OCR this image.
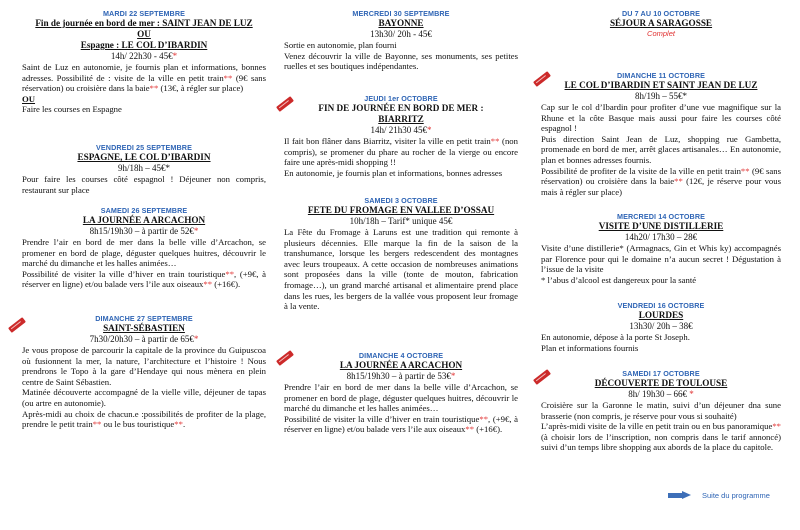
MARDI 22 SEPTEMBRE
Fin de journée en bord de mer : SAINT JEAN DE LUZ
OU
Espagne : LE COL D’IBARDIN
14h/ 22h30 - 45€*

Saint de Luz en autonomie, je fournis plan et informations, bonnes adresses. Possibilité de : visite de la ville en petit train** (9€ sans réservation) ou croisière dans la baie** (13€, à régler sur place)

OU

Faire les courses en Espagne

VENDREDI 25 SEPTEMBRE
ESPAGNE, LE COL D’IBARDIN
9h/18h – 45€*
Pour faire les courses côté espagnol ! Déjeuner non compris, restaurant sur place
SAMEDI 26 SEPTEMBRE
LA JOURNÉE A ARCACHON
8h15/19h30 – à partir de 52€*

Prendre l’air en bord de mer dans la belle ville d’Arcachon, se promener en bord de plage, déguster quelques huitres, découvrir le marché du dimanche et les halles animées…

Possibilité de visiter la ville d’hiver en train touristique**, (+9€, à réserver en ligne) et/ou balade vers l’ile aux oiseaux** (+16€).

DIMANCHE 27 SEPTEMBRE
SAINT-SÉBASTIEN
7h30/20h30 – à partir de 65€*

Je vous propose de parcourir la capitale de la province du Guipuscoa où fusionnent la mer, la nature, l’architecture et l’histoire ! Nous prendrons le Topo à la gare d’Hendaye qui nous mènera en plein centre de Saint Sébastien.

Matinée découverte accompagné de la vielle ville, déjeuner de tapas (ou artre en autonomie).

Après-midi au choix de chacun.e :possibilités de profiter de la plage, prendre le petit train** ou le bus touristique**.

MERCREDI 30 SEPTEMBRE
BAYONNE
13h30/ 20h - 45€

Sortie en autonomie, plan fourni

Venez découvrir la ville de Bayonne, ses monuments, ses petites ruelles et ses boutiques indépendantes.

JEUDI 1er OCTOBRE
FIN DE JOURNÉE EN BORD DE MER :
BIARRITZ
14h/ 21h30 45€*

Il fait bon flâner dans Biarritz, visiter la ville en petit train** (non compris), se promener du phare au rocher de la vierge ou encore faire une après-midi shopping !!

En autonomie, je fournis plan et informations, bonnes adresses

SAMEDI 3 OCTOBRE
FETE DU FROMAGE EN VALLEE D’OSSAU
10h/18h – Tarif* unique 45€
La Fête du Fromage à Laruns est une tradition qui remonte à plusieurs décennies. Elle marque la fin de la saison de la transhumance, lorsque les bergers redescendent des montagnes avec leurs troupeaux. A cette occasion de nombreuses animations sont proposées dans la ville (tonte de mouton, fabrication fromage…), un grand marché artisanal et alimentaire prend place dans les rues, les bergers de la vallée vous proposent leur fromage à la vente.
DIMANCHE 4 OCTOBRE
LA JOURNÉE A ARCACHON
8h15/19h30 – à partir de 53€*

Prendre l’air en bord de mer dans la belle ville d’Arcachon, se promener en bord de plage, déguster quelques huitres, découvrir le marché du dimanche et les halles animées…

Possibilité de visiter la ville d’hiver en train touristique**, (+9€, à réserver en ligne) et/ou balade vers l’ile aux oiseaux** (+16€).

DU 7 AU 10 OCTOBRE
SÉJOUR A SARAGOSSE
Complet
DIMANCHE 11 OCTOBRE
LE COL D’IBARDIN ET SAINT JEAN DE LUZ
8h/19h – 55€*

Cap sur le col d’Ibardin pour profiter d’une vue magnifique sur la Rhune et la côte Basque mais aussi pour faire les courses côté espagnol !

Puis direction Saint Jean de Luz, shopping rue Gambetta, promenade en bord de mer, arrêt glaces artisanales… En autonomie, plan et bonnes adresses fournis.

Possibilité de profiter de la visite de la ville en petit train** (9€ sans réservation) ou croisière dans la baie** (12€, je réserve pour vous mais à régler sur place)

MERCREDI 14 OCTOBRE
VISITE D’UNE DISTILLERIE
14h20/ 17h30 – 28€

Visite d’une distillerie* (Armagnacs, Gin et Whis ky) accompagnés par Florence pour qui le domaine n’a aucun secret ! Dégustation à l’issue de la visite

* l’abus d’alcool est dangereux pour la santé

VENDREDI 16 OCTOBRE
LOURDES
13h30/ 20h – 38€

En autonomie, dépose à la porte St Joseph.

Plan et informations fournis

SAMEDI 17 OCTOBRE
DÉCOUVERTE DE TOULOUSE
8h/ 19h30 – 66€ *

Croisière sur la Garonne le matin, suivi d’un déjeuner dna sune brasserie (non compris, je réserve pour vous si souhaité)

L’après-midi visite de la ville en petit train ou en bus panoramique** (à choisir lors de l’inscription, non compris dans le tarif annoncé) suivi d’un temps libre shopping aux abords de la place du capitole.

Suite du programme
